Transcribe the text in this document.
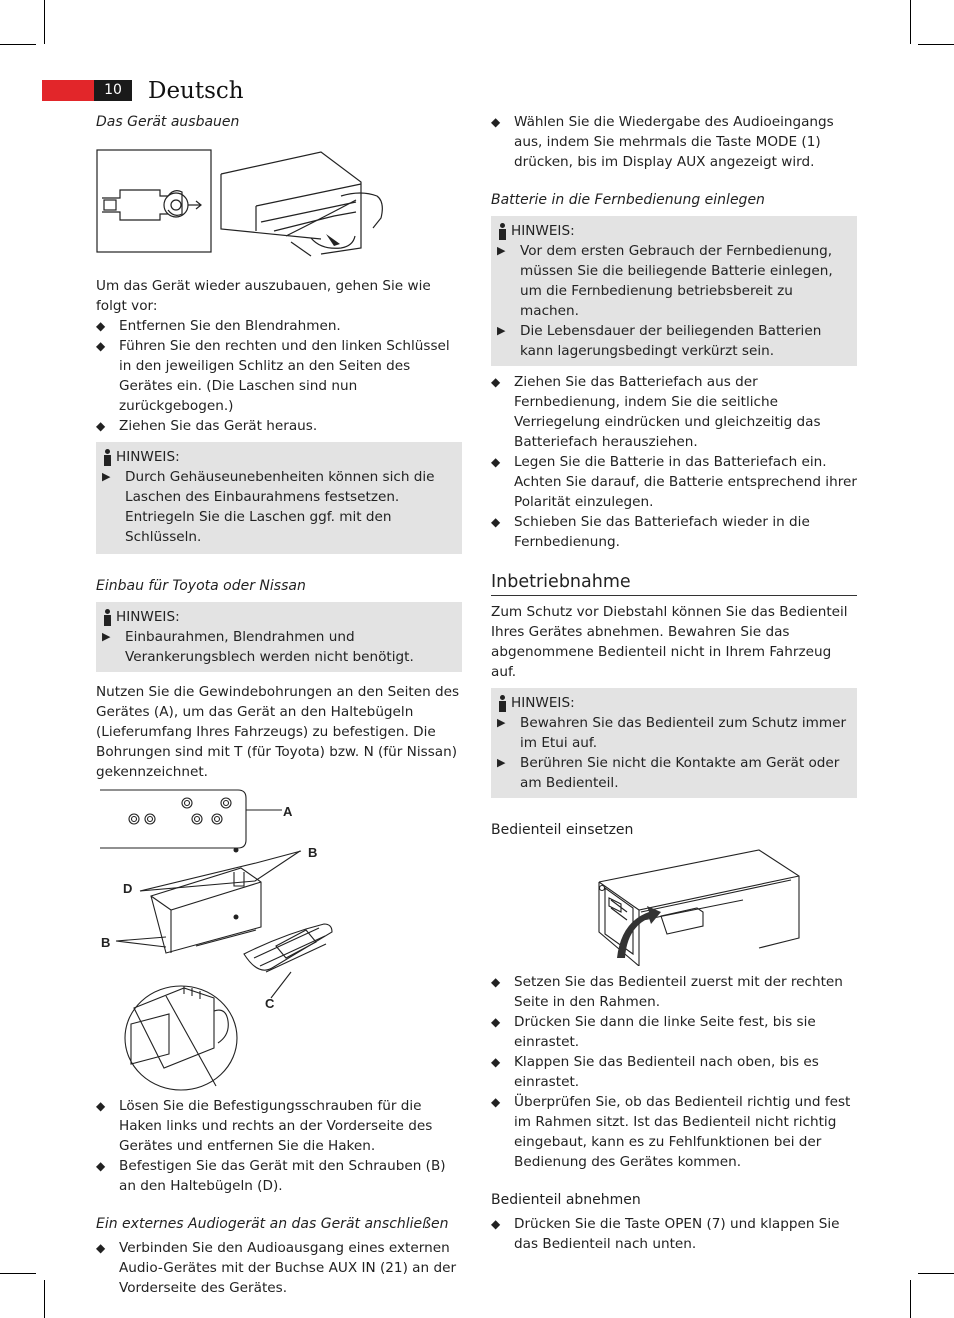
10	Deutsch

Das Gerät ausbauen

Um das Gerät wieder auszubauen, gehen Sie wie folgt vor:

◆ Entfernen Sie den Blendrahmen.
◆ Führen Sie den rechten und den linken Schlüssel in den jeweiligen Schlitz an den Seiten des Gerätes ein. (Die Laschen sind nun zurückgebogen.)
◆ Ziehen Sie das Gerät heraus.
HINWEIS:
▶ Durch Gehäuseunebenheiten können sich die Laschen des Einbaurahmens festsetzen. Entriegeln Sie die Laschen ggf. mit den Schlüsseln.

Einbau für Toyota oder Nissan

HINWEIS:
▶ Einbaurahmen, Blendrahmen und Verankerungsblech werden nicht benötigt.

Nutzen Sie die Gewindebohrungen an den Seiten des Gerätes (A), um das Gerät an den Haltebügeln (Lieferumfang Ihres Fahrzeugs) zu befestigen. Die Bohrungen sind mit T (für Toyota) bzw. N (für Nissan) gekennzeichnet.

A
B
D
B
C
◆ Lösen Sie die Befestigungsschrauben für die Haken links und rechts an der Vorderseite des Gerätes und entfernen Sie die Haken.
◆ Befestigen Sie das Gerät mit den Schrauben (B) an den Haltebügeln (D).

Ein externes Audiogerät an das Gerät anschließen

◆ Verbinden Sie den Audioausgang eines externen Audio-Gerätes mit der Buchse AUX IN (21) an der Vorderseite des Gerätes.
◆ Wählen Sie die Wiedergabe des Audioeingangs aus, indem Sie mehrmals die Taste MODE (1) drücken, bis im Display AUX angezeigt wird.

Batterie in die Fernbedienung einlegen

HINWEIS:
▶ Vor dem ersten Gebrauch der Fernbedienung, müssen Sie die beiliegende Batterie einlegen, um die Fernbedienung betriebsbereit zu machen.
▶ Die Lebensdauer der beiliegenden Batterien kann lagerungsbedingt verkürzt sein.
◆ Ziehen Sie das Batteriefach aus der Fernbedienung, indem Sie die seitliche Verriegelung eindrücken und gleichzeitig das Batteriefach herausziehen.
◆ Legen Sie die Batterie in das Batteriefach ein. Achten Sie darauf, die Batterie entsprechend ihrer Polarität einzulegen.
◆ Schieben Sie das Batteriefach wieder in die Fernbedienung.

Inbetriebnahme

Zum Schutz vor Diebstahl können Sie das Bedienteil Ihres Gerätes abnehmen. Bewahren Sie das abgenommene Bedienteil nicht in Ihrem Fahrzeug auf.

HINWEIS:
▶ Bewahren Sie das Bedienteil zum Schutz immer im Etui auf.
▶ Berühren Sie nicht die Kontakte am Gerät oder am Bedienteil.

Bedienteil einsetzen

◆ Setzen Sie das Bedienteil zuerst mit der rechten Seite in den Rahmen.
◆ Drücken Sie dann die linke Seite fest, bis sie einrastet.
◆ Klappen Sie das Bedienteil nach oben, bis es einrastet.
◆ Überprüfen Sie, ob das Bedienteil richtig und fest im Rahmen sitzt. Ist das Bedienteil nicht richtig eingebaut, kann es zu Fehlfunktionen bei der Bedienung des Gerätes kommen.

Bedienteil abnehmen

◆ Drücken Sie die Taste OPEN (7) und klappen Sie das Bedienteil nach unten.
